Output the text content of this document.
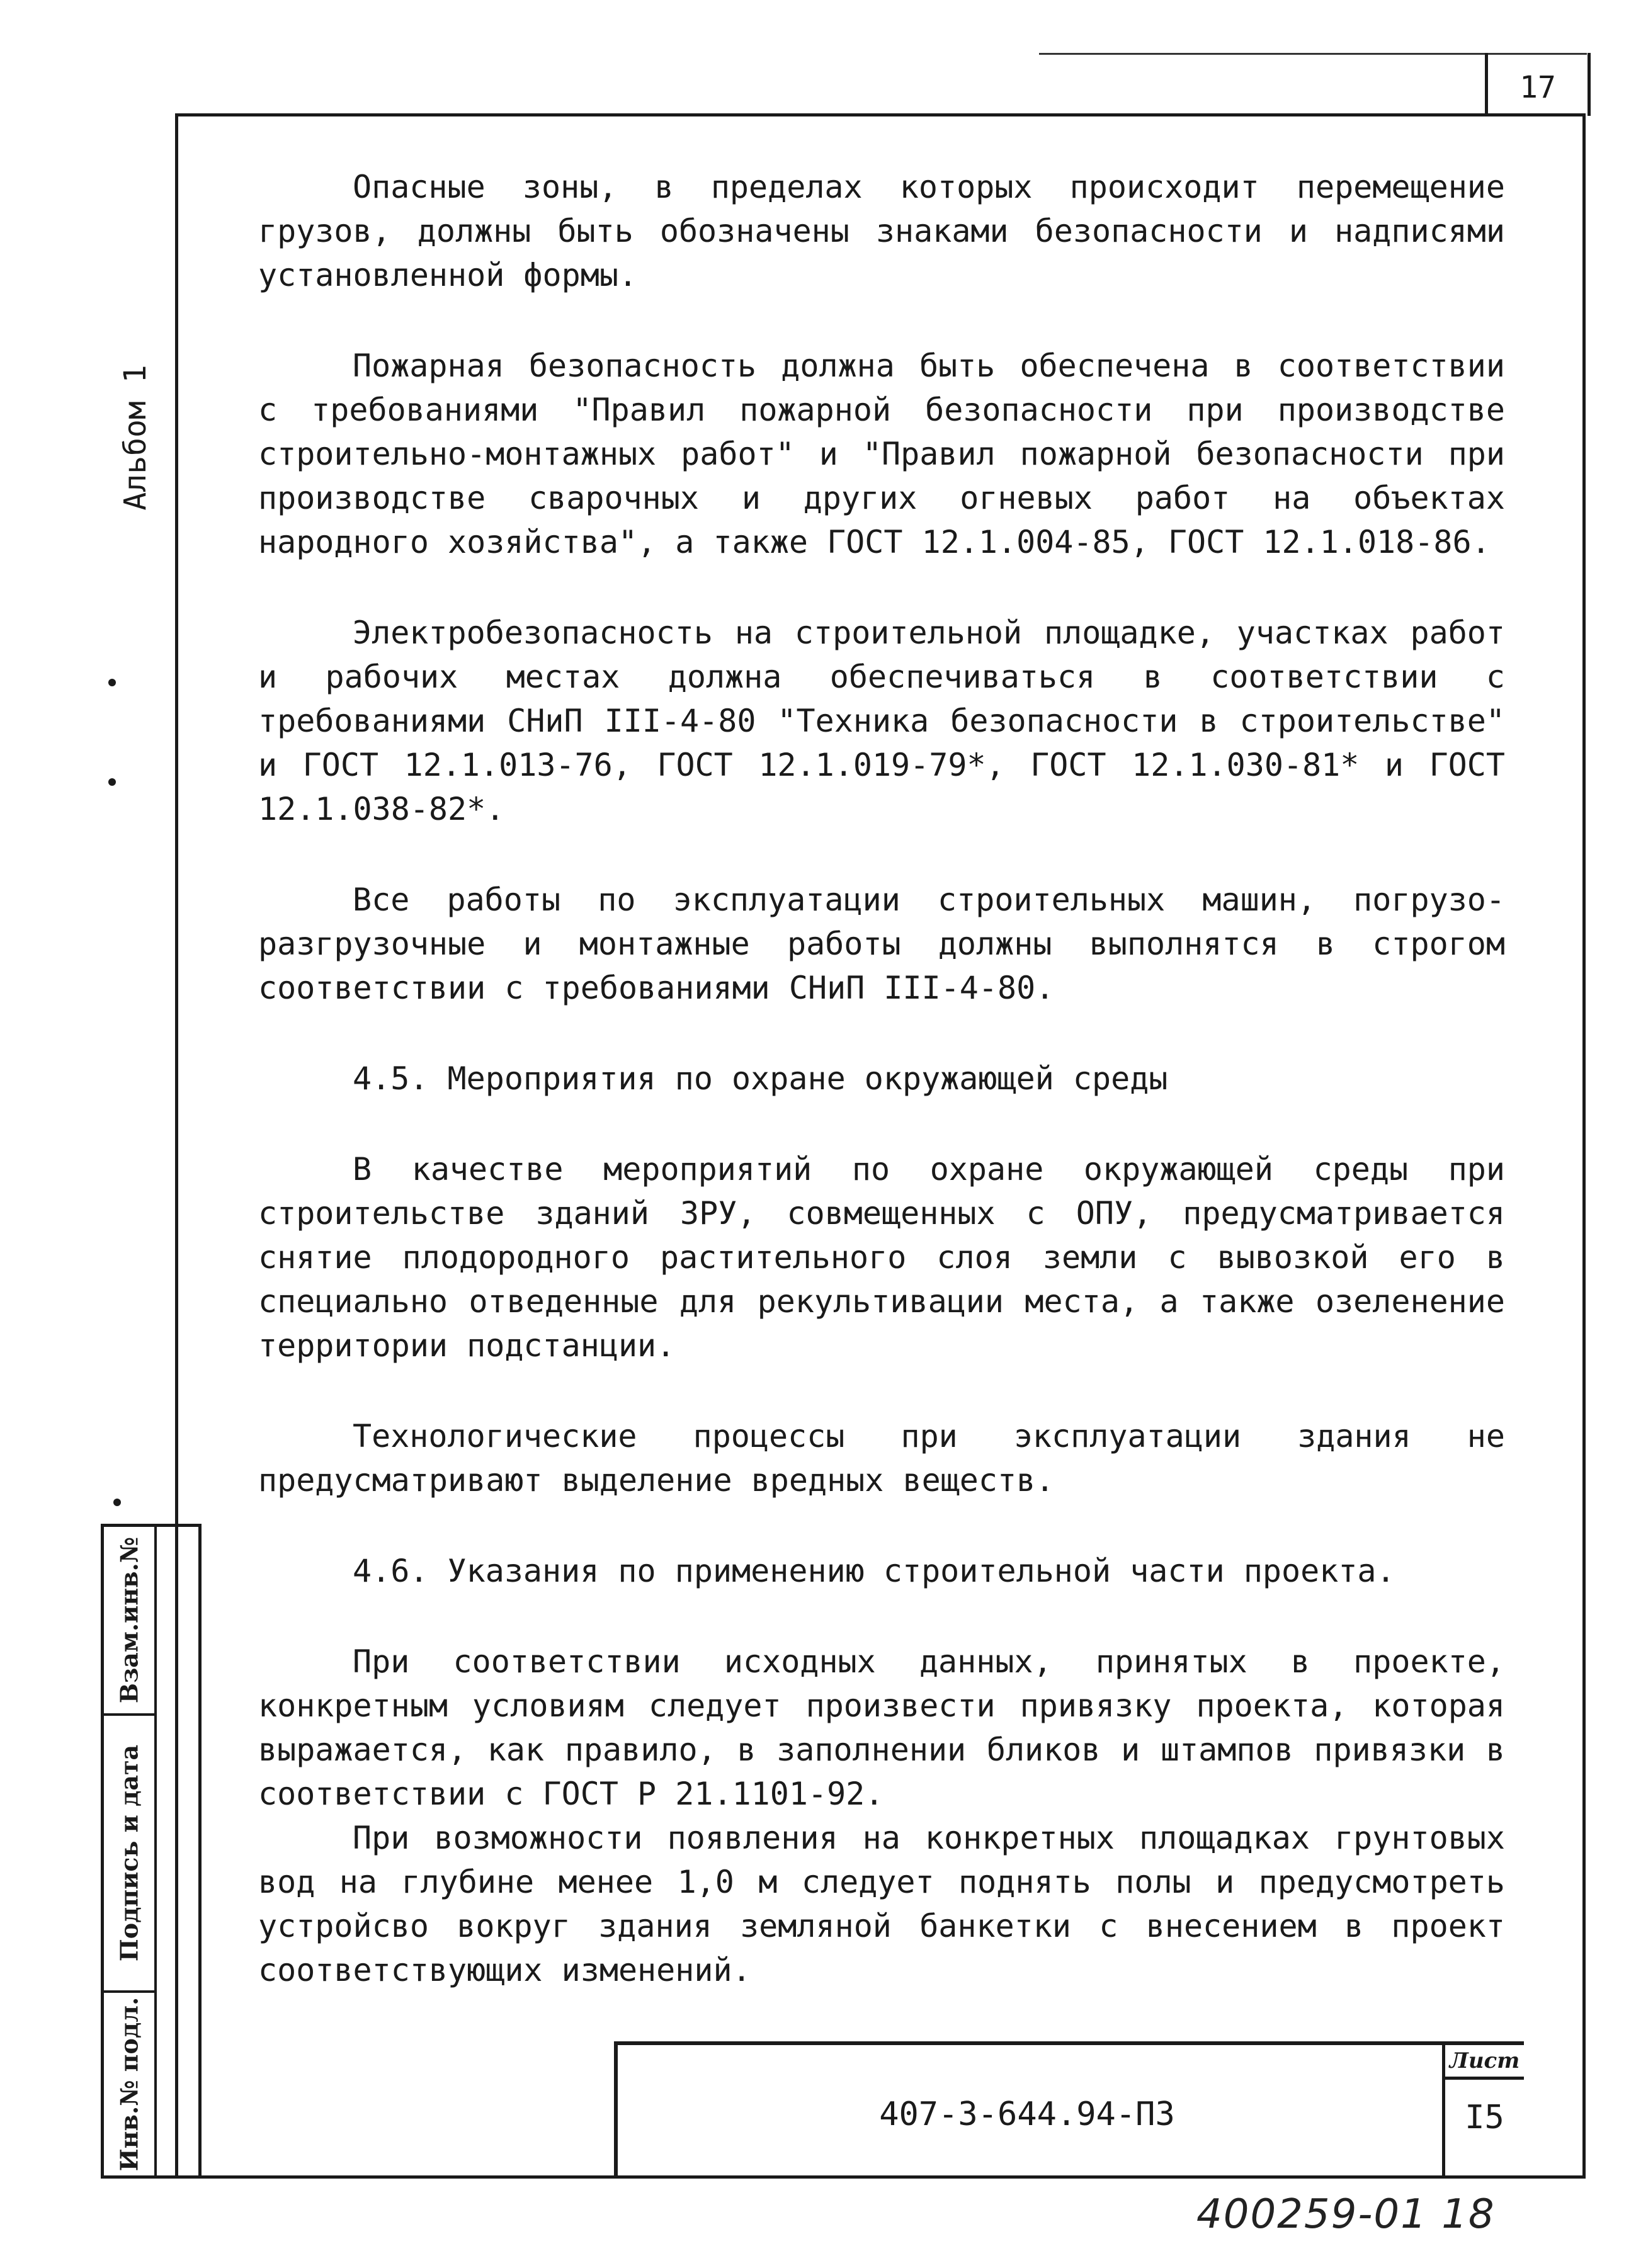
17
Альбом 1
Взам.инв.№
Подпись и дата
Инв.№ подл.

Опасные зоны, в пределах которых происходит перемещение грузов, должны быть обозначены знаками безопасности и надписями установленной формы.

Пожарная безопасность должна быть обеспечена в соответствии с требованиями "Правил пожарной безопасности при производстве строительно-монтажных работ" и "Правил пожарной безопасности при производстве сварочных и других огневых работ на объектах народного хозяйства", а также ГОСТ 12.1.004-85, ГОСТ 12.1.018-86.

Электробезопасность на строительной площадке, участках работ и рабочих местах должна обеспечиваться в соответствии с требованиями СНиП III-4-80 "Техника безопасности в строительстве" и ГОСТ 12.1.013-76, ГОСТ 12.1.019-79*, ГОСТ 12.1.030-81* и ГОСТ 12.1.038-82*.

Все работы по эксплуатации строительных машин, погрузо-разгрузочные и монтажные работы должны выполнятся в строгом соответствии с требованиями СНиП III-4-80.

4.5. Мероприятия по охране окружающей среды

В качестве мероприятий по охране окружающей среды при строительстве зданий ЗРУ, совмещенных с ОПУ, предусматривается снятие плодородного растительного слоя земли с вывозкой его в специально отведенные для рекультивации места, а также озеленение территории подстанции.

Технологические процессы при эксплуатации здания не предусматривают выделение вредных веществ.

4.6. Указания по применению строительной части проекта.

При соответствии исходных данных, принятых в проекте, конкретным условиям следует произвести привязку проекта, которая выражается, как правило, в заполнении бликов и штампов привязки в соответствии с ГОСТ Р 21.1101-92.

При возможности появления на конкретных площадках грунтовых вод на глубине менее 1,0 м следует поднять полы и предусмотреть устройсво вокруг здания земляной банкетки с внесением в проект соответствующих изменений.

407-3-644.94-ПЗ
Лист
I5
400259-01 18
